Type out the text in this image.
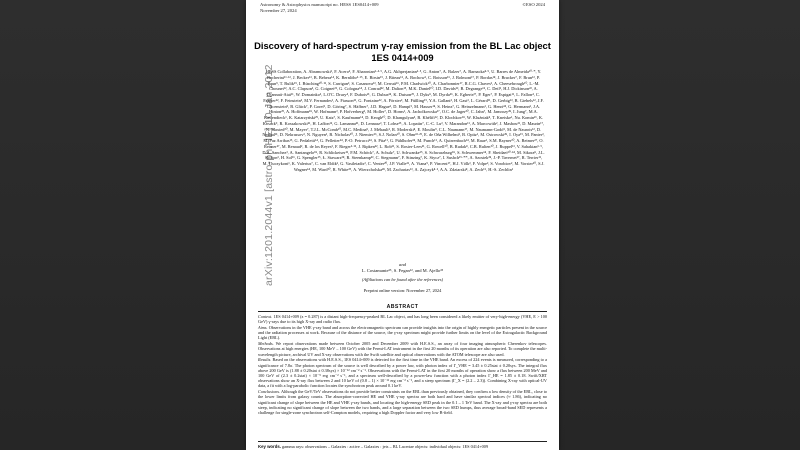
Astronomy & Astrophysics manuscript no. HESS 1ES0414+009
November 27, 2024
©ESO 2024
arXiv:1201.2044v1 [astro-ph.HE] 10 Jan 2012
Discovery of hard-spectrum γ-ray emission from the BL Lac object 1ES 0414+009
HESS Collaboration, A. Abramowski¹, F. Acero², F. Aharonian³·⁴·⁵, A.G. Akhperjanian⁶·⁵, G. Anton⁷, A. Balzer⁷, A. Barnacka⁸·⁹, U. Barres de Almeida¹⁰·*, Y. Becherini¹¹·¹², J. Becker¹³, B. Behera¹⁴, K. Bernlöhr³·¹⁵, E. Birsin¹⁵, J. Biteau¹², A. Bochow³, C. Boisson¹⁶, J. Bolmont¹⁷, P. Bordas¹⁸, J. Brucker⁷, F. Brun¹², P. Brun⁹, T. Bulik¹⁹, I. Büsching²⁰·¹³, S. Carrigan³, S. Casanova¹³, M. Cerruti¹⁶, P.M. Chadwick¹⁰, A. Charbonnier¹⁷, R.C.G. Chaves³, A. Cheesebrough¹⁰, L.-M. Chounet¹², A.C. Clapson³, G. Coignet²¹, G. Cologna¹⁴, J. Conrad²², M. Dalton¹⁵, M.K. Daniel¹⁰, I.D. Davids²³, B. Degrange¹², C. Deil³, H.J. Dickinson²², A. Djannati-Ataï¹¹, W. Domainko³, L.O'C. Drury⁴, F. Dubois²¹, G. Dubus²⁴, K. Dutson²⁵, J. Dyks⁸, M. Dyrda²⁶, K. Egberts²⁷, P. Eger⁷, P. Espigat¹¹, L. Fallon⁴, C. Farnier²², F. Feinstein², M.V. Fernandes¹, A. Fiasson²¹, G. Fontaine¹², A. Förster³, M. Füßling¹⁵, Y.A. Gallant², H. Gast³, L. Gérard¹¹, D. Gerbig¹³, B. Giebels¹², J.F. Glicenstein⁹, B. Glück⁷, P. Goret⁹, D. Göring⁷, S. Häffner⁷, J.D. Hague³, D. Hampf¹, M. Hauser¹⁴, S. Heinz⁷, G. Heinzelmann¹, G. Henri²⁴, G. Hermann³, J.A. Hinton²⁵, A. Hoffmann¹⁸, W. Hofmann³, P. Hofverberg³, M. Holler⁷, D. Horns¹, A. Jacholkowska¹⁷, O.C. de Jager²⁰, C. Jahn⁷, M. Jamrozy²⁸, I. Jung⁷, M.A. Kastendieck¹, K. Katarzyński²⁹, U. Katz⁷, S. Kaufmann¹⁴, D. Keogh¹⁰, D. Khangulyan³, B. Khélifi¹², D. Klochkov¹⁸, W. Kluźniak⁸, T. Kneiske¹, Nu. Komin²¹, K. Kosack⁹, R. Kossakowski²¹, H. Laffon¹², G. Lamanna²¹, D. Lennarz³, T. Lohse¹⁵, A. Lopatin⁷, C.-C. Lu³, V. Marandon¹¹, A. Marcowith², J. Masbou²¹, D. Maurin¹⁷, N. Maxted³⁰, M. Mayer⁷, T.J.L. McComb¹⁰, M.C. Medina⁹, J. Méhault², R. Moderski⁸, E. Moulin⁹, C.L. Naumann¹⁷, M. Naumann-Godó⁹, M. de Naurois¹², D. Nedbal³¹, D. Nekrassov³, N. Nguyen¹, B. Nicholas³⁰, J. Niemiec²⁶, S.J. Nolan¹⁰, S. Ohm³²·²⁵, E. de Oña Wilhelmi³, B. Opitz¹, M. Ostrowski²⁸, I. Oya¹⁵, M. Panter³, M. Paz Arribas¹⁵, G. Pedaletti¹⁴, G. Pelletier²⁴, P.-O. Petrucci²⁴, S. Pita¹¹, G. Pühlhofer¹⁸, M. Punch¹¹, A. Quirrenbach¹⁴, M. Raue¹, S.M. Rayner¹⁰, A. Reimer²⁷, O. Reimer²⁷, M. Renaud², R. de los Reyes³, F. Rieger³·³³, J. Ripken²², L. Rob³¹, S. Rosier-Lees²¹, G. Rowell³⁰, B. Rudak⁸, C.B. Rulten¹⁰, J. Ruppel¹³, V. Sahakian⁶·⁵, D.A. Sanchez³, A. Santangelo¹⁸, R. Schlickeiser¹³, F.M. Schöck⁷, A. Schulz⁷, U. Schwanke¹⁵, S. Schwarzburg¹⁸, S. Schwemmer¹⁴, F. Sheidaei²⁰·³⁴, M. Sikora⁸, J.L. Skilton³, H. Sol¹⁶, G. Spengler¹⁵, Ł. Stawarz²⁸, R. Steenkamp²³, C. Stegmann⁷, F. Stinzing⁷, K. Stycz⁷, I. Sushch¹⁵·**, A. Szostek²⁸, J.-P. Tavernet¹⁷, R. Terrier¹¹, M. Tluczykont¹, K. Valerius⁷, C. van Eldik³, G. Vasileiadis², C. Venter²⁰, J.P. Vialle²¹, A. Viana⁹, P. Vincent¹⁷, H.J. Völk³, F. Volpe³, S. Vorobiov², M. Vorster²⁰, S.J. Wagner¹⁴, M. Ward¹⁰, R. White²⁵, A. Wierzcholska²⁸, M. Zacharias¹³, A. Zajczyk⁸·², A.A. Zdziarski⁸, A. Zech¹⁶, H.-S. Zechlin¹
and
L. Costamante³⁵, S. Fegan¹², and M. Ajello³⁵
(Affiliations can be found after the references)
Preprint online version: November 27, 2024
ABSTRACT

Context. 1ES 0414+009 (z = 0.287) is a distant high-frequency-peaked BL Lac object, and has long been considered a likely emitter of very-high-energy (VHE, E > 100 GeV) γ-rays due to its high X-ray and radio flux.

Aims. Observations in the VHE γ-ray band and across the electromagnetic spectrum can provide insights into the origin of highly energetic particles present in the source and the radiation processes at work. Because of the distance of the source, the γ-ray spectrum might provide further limits on the level of the Extragalactic Background Light (EBL).

Methods. We report observations made between October 2005 and December 2009 with H.E.S.S., an array of four imaging atmospheric Cherenkov telescopes. Observations at high energies (HE, 100 MeV – 100 GeV) with the Fermi-LAT instrument in the first 20 months of its operation are also reported. To complete the multi-wavelength picture, archival UV and X-ray observations with the Swift satellite and optical observations with the ATOM telescope are also used.

Results. Based on the observations with H.E.S.S., 1ES 0414+009 is detected for the first time in the VHE band. An excess of 224 events is measured, corresponding to a significance of 7.8σ. The photon spectrum of the source is well described by a power law, with photon index of Γ_VHE = 3.45 ± 0.25stat ± 0.20sys. The integral flux above 200 GeV is (1.88 ± 0.20stat ± 0.38sys) × 10⁻¹² cm⁻² s⁻¹. Observations with the Fermi-LAT in the first 20 months of operation show a flux between 200 MeV and 100 GeV of (2.3 ± 0.2stat) × 10⁻⁹ erg cm⁻² s⁻¹, and a spectrum well-described by a power-law function with a photon index Γ_HE = 1.85 ± 0.18. Swift/XRT observations show an X-ray flux between 2 and 10 keV of (0.8 – 1) × 10⁻¹¹ erg cm⁻² s⁻¹, and a steep spectrum (Γ_X = (2.2 – 2.3)). Combining X-ray with optical-UV data, a fit with a log-parabolic function locates the synchrotron peak around 0.1 keV.

Conclusions. Although the GeV/TeV observations do not provide better constraints on the EBL than previously obtained, they confirm a low density of the EBL, close to the lower limits from galaxy counts. The absorption-corrected HE and VHE γ-ray spectra are both hard and have similar spectral indices (≈ 1.86), indicating no significant change of slope between the HE and VHE γ-ray bands, and locating the high-energy SED peak in the 0.1 – 1 TeV band. The X-ray and γ-ray spectra are both steep, indicating no significant change of slope between the two bands, and a large separation between the two SED humps, thus average broad-band SED represents a challenge for single-zone synchrotron self-Compton models, requiring a high Doppler factor and very low B-field.

Key words. gamma rays: observations – Galaxies : active – Galaxies : jets – BL Lacertae objects: individual objects: 1ES 0414+009
